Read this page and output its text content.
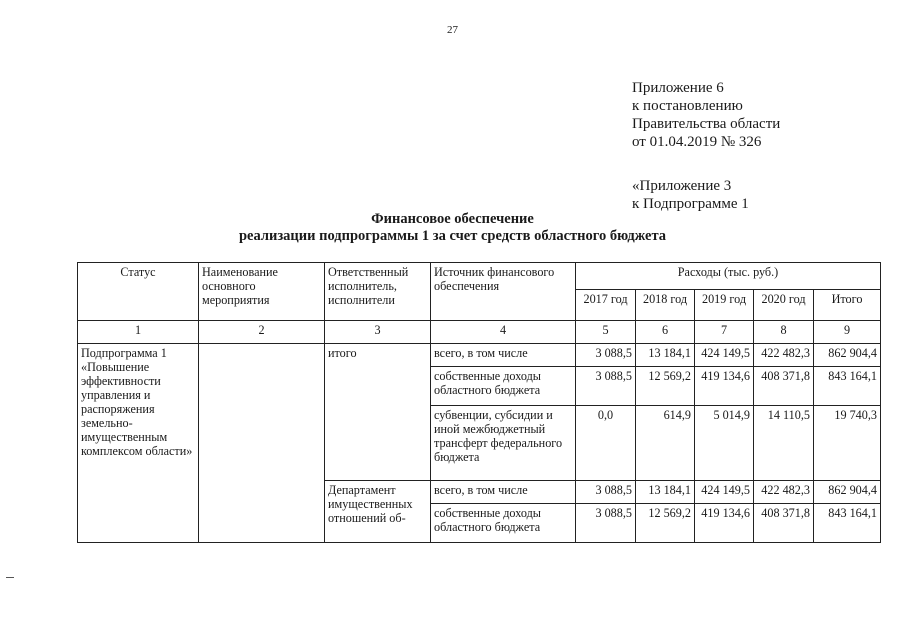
27
Приложение 6
к постановлению
Правительства области
от 01.04.2019 № 326
«Приложение 3
к Подпрограмме 1
Финансовое обеспечение
реализации подпрограммы 1 за счет средств областного бюджета
Статус	Наименование основного мероприятия	Ответственный исполнитель, исполнители	Источник финансового обеспечения	Расходы (тыс. руб.)				
				2017 год	2018 год	2019 год	2020 год	Итого
1	2	3	4	5	6	7	8	9
Подпрограмма 1 «Повышение эффективности управления и распоряжения земельно-имущественным комплексом области»		итого	всего, в том числе	3 088,5	13 184,1	424 149,5	422 482,3	862 904,4
			собственные доходы областного бюджета	3 088,5	12 569,2	419 134,6	408 371,8	843 164,1
			субвенции, субсидии и иной межбюджетный трансферт федерального бюджета	0,0	614,9	5 014,9	14 110,5	19 740,3
		Департамент имущественных отношений об-	всего, в том числе	3 088,5	13 184,1	424 149,5	422 482,3	862 904,4
			собственные доходы областного бюджета	3 088,5	12 569,2	419 134,6	408 371,8	843 164,1
